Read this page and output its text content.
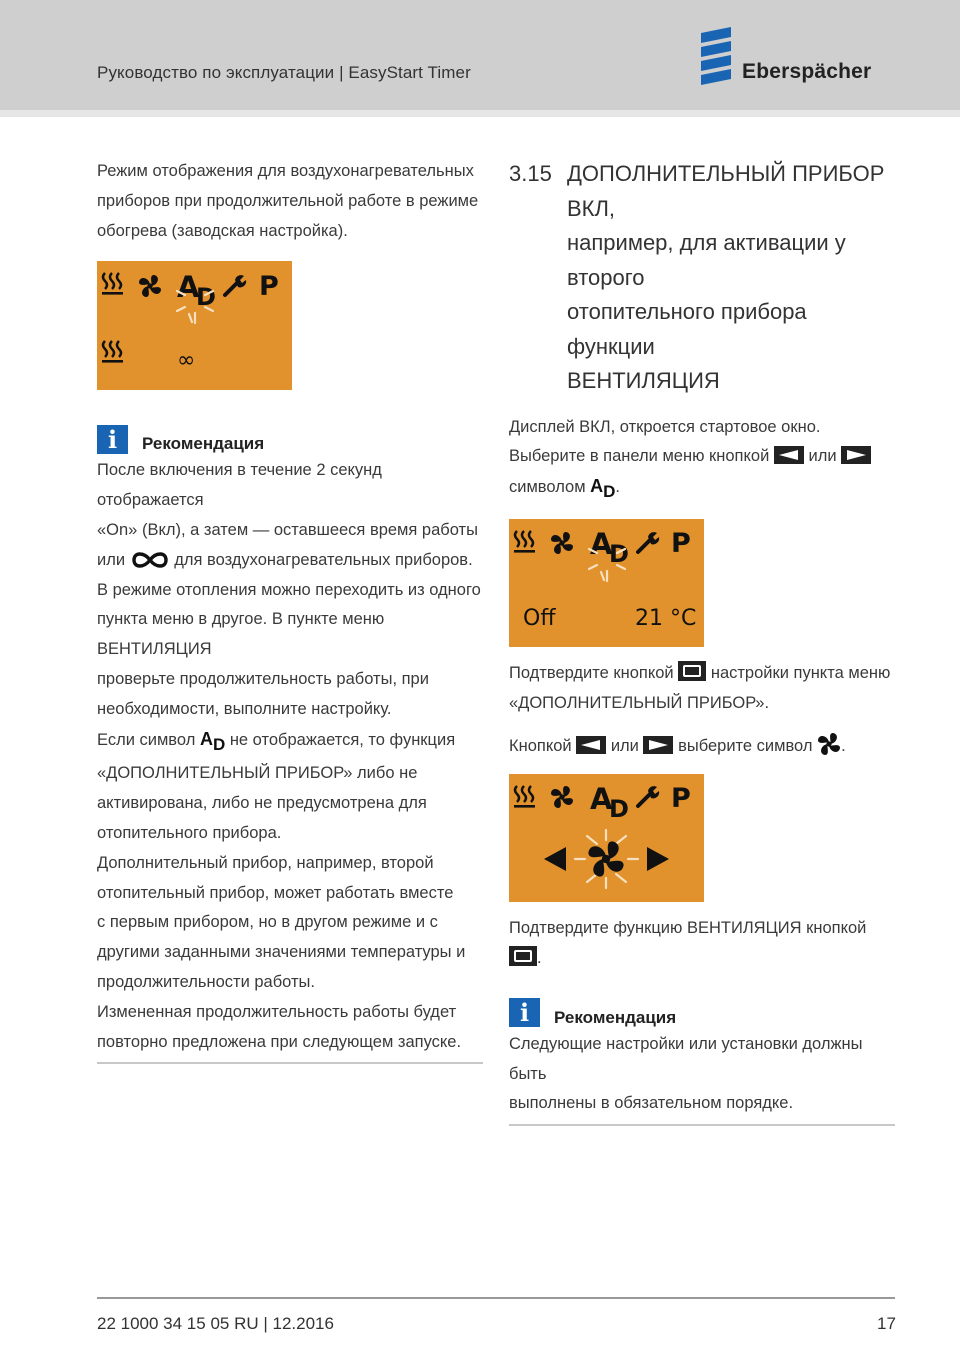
Руководство по эксплуатации | EasyStart Timer	Eberspächer

Режим отображения для воздухонагревательных

приборов при продолжительной работе в режиме

обогрева (заводская настройка).

A
D P
∞
i	Рекомендация

После включения в течение 2 секунд отображается

«On» (Вкл), а затем — оставшееся время работы

или	для воздухонагревательных приборов.

В режиме отопления можно переходить из одного

пункта меню в другое. В пункте меню ВЕНТИЛЯЦИЯ

проверьте продолжительность работы, при

необходимости, выполните настройку.

Если символ $A_D$ не отображается, то функция

«ДОПОЛНИТЕЛЬНЫЙ ПРИБОР» либо не

активирована, либо не предусмотрена для

отопительного прибора.

Дополнительный прибор, например, второй

отопительный прибор, может работать вместе

с первым прибором, но в другом режиме и с

другими заданными значениями температуры и

продолжительности работы.

Измененная продолжительность работы будет

повторно предложена при следующем запуске.

3.15 ДОПОЛНИТЕЛЬНЫЙ ПРИБОР ВКЛ,
например, для активации у второго
отопительного прибора функции
ВЕНТИЛЯЦИЯ

Дисплей ВКЛ, откроется стартовое окно.

Выберите в панели меню кнопкой или

символом $A_D$.

A
D P
Off	21 °C

Подтвердите кнопкой настройки пункта меню

«ДОПОЛНИТЕЛЬНЫЙ ПРИБОР».

Кнопкой или выберите символ .

A
D P

Подтвердите функцию ВЕНТИЛЯЦИЯ кнопкой .

i	Рекомендация

Следующие настройки или установки должны быть

выполнены в обязательном порядке.

22 1000 34 15 05 RU | 12.2016	17
